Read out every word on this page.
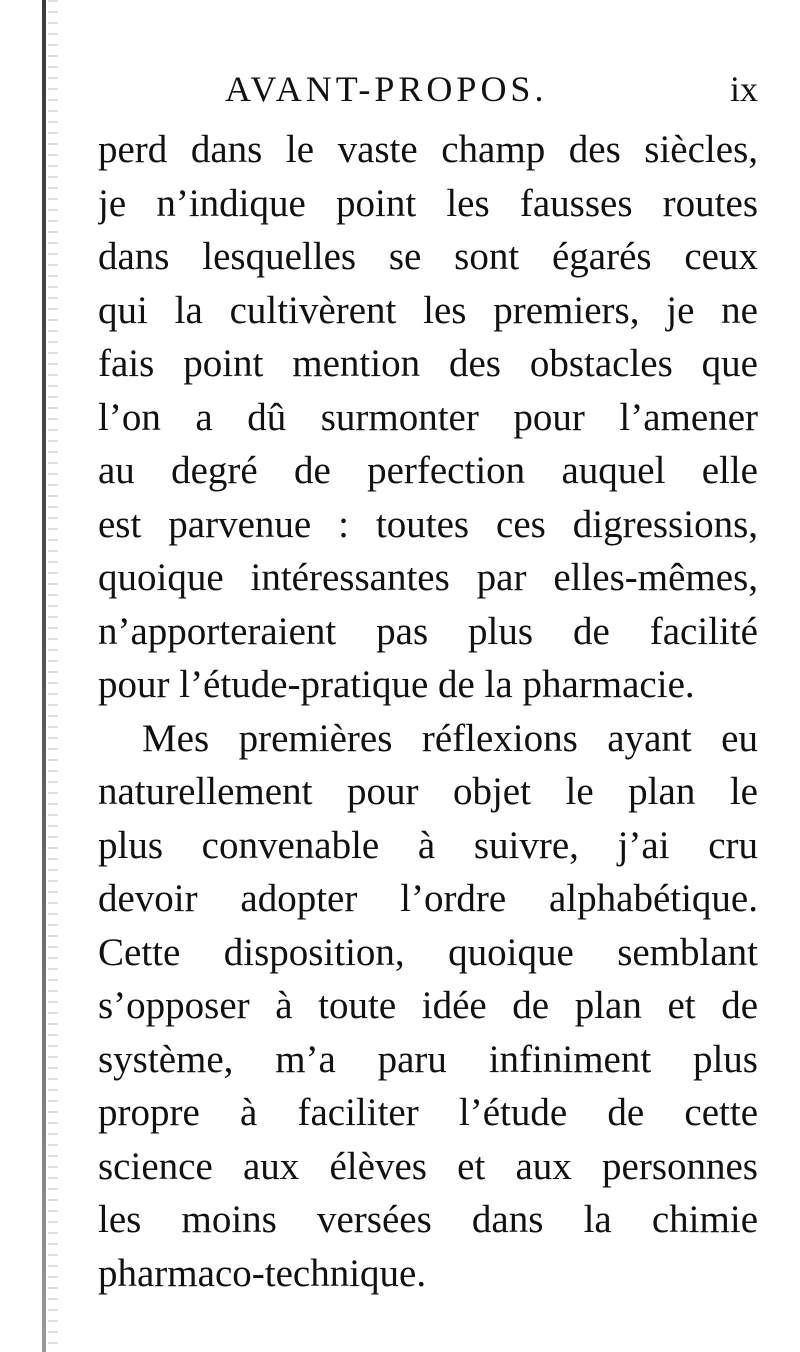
AVANT-PROPOS.	ix
perd dans le vaste champ des siècles,
je n’indique point les fausses routes
dans lesquelles se sont égarés ceux
qui la cultivèrent les premiers, je ne
fais point mention des obstacles que
l’on a dû surmonter pour l’amener
au degré de perfection auquel elle
est parvenue : toutes ces digressions,
quoique intéressantes par elles-mêmes,
n’apporteraient pas plus de facilité
pour l’étude-pratique de la pharmacie.
Mes premières réflexions ayant eu
naturellement pour objet le plan le
plus convenable à suivre, j’ai cru
devoir adopter l’ordre alphabétique.
Cette disposition, quoique semblant
s’opposer à toute idée de plan et de
système, m’a paru infiniment plus
propre à faciliter l’étude de cette
science aux élèves et aux personnes
les moins versées dans la chimie
pharmaco-technique.
